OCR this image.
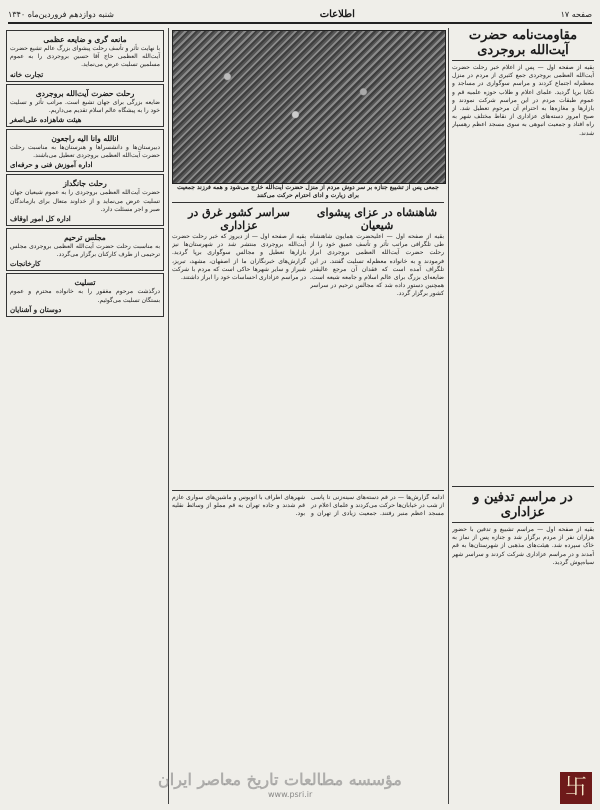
صفحه ۱۷
اطلاعات
شنبه دوازدهم فروردین‌ماه ۱۳۴۰
مقاومت‌نامه حضرت آیت‌الله بروجردی
بقیه از صفحه اول — پس از اعلام خبر رحلت حضرت آیت‌الله العظمی بروجردی جمع کثیری از مردم در منزل معظم‌له اجتماع کردند و مراسم سوگواری در مساجد و تکایا برپا گردید. علمای اعلام و طلاب حوزه علمیه قم و عموم طبقات مردم در این مراسم شرکت نمودند و بازارها و مغازه‌ها به احترام آن مرحوم تعطیل شد. از صبح امروز دسته‌های عزاداری از نقاط مختلف شهر به راه افتاد و جمعیت انبوهی به سوی مسجد اعظم رهسپار شدند.
در مراسم تدفین و عزاداری
بقیه از صفحه اول — مراسم تشییع و تدفین با حضور هزاران نفر از مردم برگزار شد و جنازه پس از نماز به خاک سپرده شد. هیئت‌های مذهبی از شهرستان‌ها به قم آمدند و در مراسم عزاداری شرکت کردند و سراسر شهر سیاه‌پوش گردید.
جمعی پس از تشییع جنازه بر سر دوش مردم از منزل حضرت آیت‌الله خارج می‌شود و همه فرزند جمعیت برای زیارت و ادای احترام حرکت می‌کنند
شاهنشاه در عزای پیشوای شیعیان
بقیه از صفحه اول — اعلیحضرت همایون شاهنشاه طی تلگرافی مراتب تأثر و تأسف عمیق خود را از رحلت حضرت آیت‌الله العظمی بروجردی ابراز فرمودند و به خانواده معظم‌له تسلیت گفتند. در این تلگراف آمده است که فقدان آن مرجع عالیقدر ضایعه‌ای بزرگ برای عالم اسلام و جامعه شیعه است. همچنین دستور داده شد که مجالس ترحیم در سراسر کشور برگزار گردد.
سراسر کشور غرق در عزاداری
بقیه از صفحه اول — از دیروز که خبر رحلت حضرت آیت‌الله بروجردی منتشر شد در شهرستان‌ها نیز بازارها تعطیل و مجالس سوگواری برپا گردید. گزارش‌های خبرنگاران ما از اصفهان، مشهد، تبریز، شیراز و سایر شهرها حاکی است که مردم با شرکت در مراسم عزاداری احساسات خود را ابراز داشتند.
ادامه گزارش‌ها — در قم دسته‌های سینه‌زنی تا پاسی از شب در خیابان‌ها حرکت می‌کردند و علمای اعلام در مسجد اعظم منبر رفتند. جمعیت زیادی از تهران و شهرهای اطراف با اتوبوس و ماشین‌های سواری عازم قم شدند و جاده تهران به قم مملو از وسائط نقلیه بود.
مانعه گری و ضایعه عظمی
با نهایت تأثر و تأسف رحلت پیشوای بزرگ عالم تشیع حضرت آیت‌الله العظمی حاج آقا حسین بروجردی را به عموم مسلمین تسلیت عرض می‌نماید.
تجارت خانه
رحلت حضرت آیت‌الله بروجردی
ضایعه بزرگی برای جهان تشیع است. مراتب تأثر و تسلیت خود را به پیشگاه عالم اسلام تقدیم می‌داریم.
هیئت شاهزاده علی‌اصغر
انالله وانا الیه راجعون
دبیرستان‌ها و دانشسراها و هنرستان‌ها به مناسبت رحلت حضرت آیت‌الله العظمی بروجردی تعطیل می‌باشند.
اداره آموزش فنی و حرفه‌ای
رحلت جانگداز
حضرت آیت‌الله العظمی بروجردی را به عموم شیعیان جهان تسلیت عرض می‌نماید و از خداوند متعال برای بازماندگان صبر و اجر مسئلت دارد.
اداره کل امور اوقاف
مجلس ترحیم
به مناسبت رحلت حضرت آیت‌الله العظمی بروجردی مجلس ترحیمی از طرف کارکنان برگزار می‌گردد.
کارخانجات
تسلیت
درگذشت مرحوم مغفور را به خانواده محترم و عموم بستگان تسلیت می‌گوئیم.
دوستان و آشنایان
مؤسسه مطالعات تاریخ معاصر ایران
www.psri.ir	卐
